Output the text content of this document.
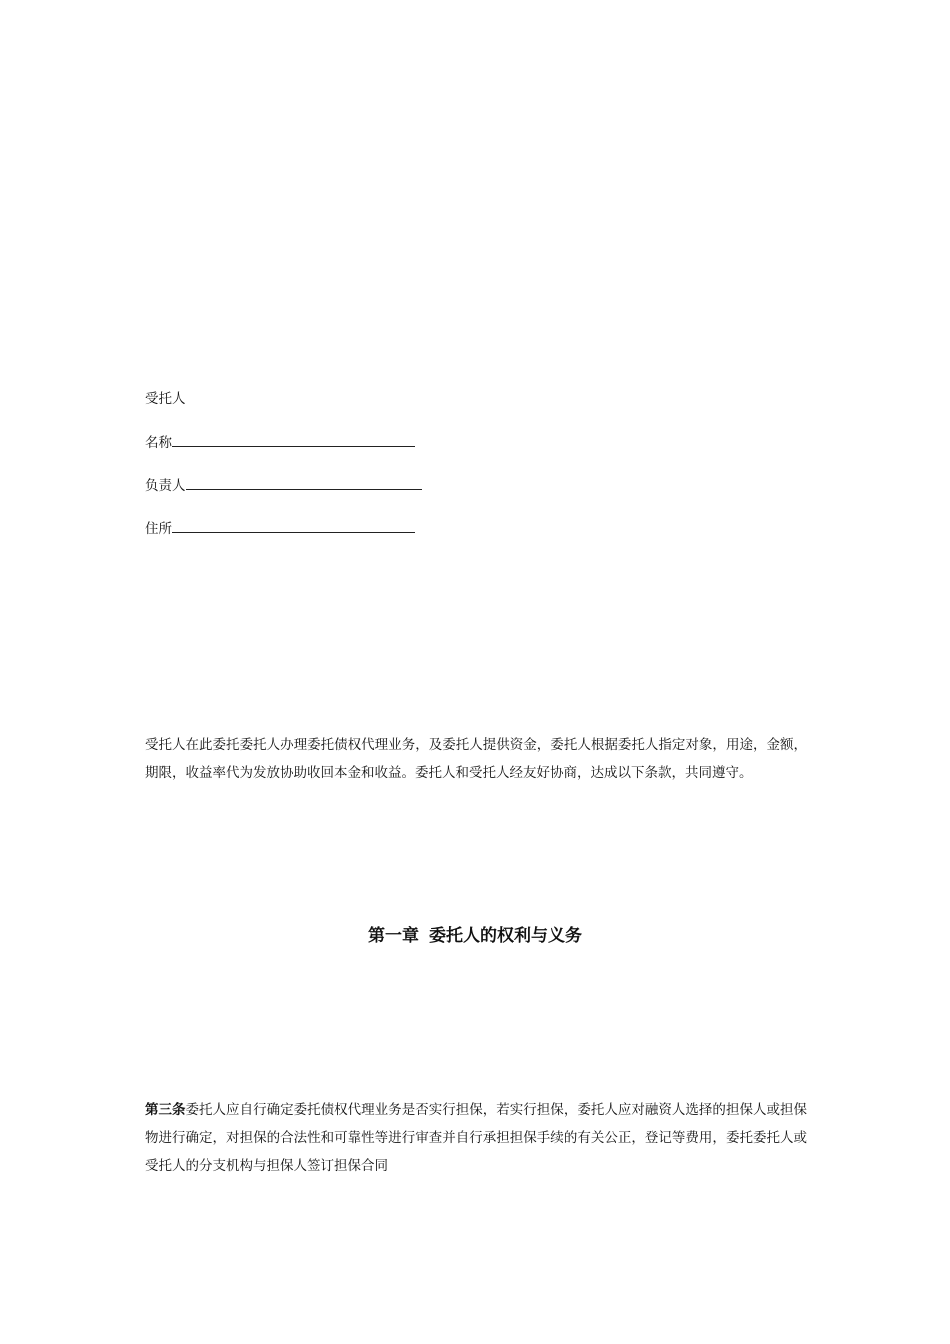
受托人
名称
负责人
住所
受托人在此委托委托人办理委托债权代理业务，及委托人提供资金，委托人根据委托人指定对象，用途，金额，期限，收益率代为发放协助收回本金和收益。委托人和受托人经友好协商，达成以下条款，共同遵守。
第一章 委托人的权利与义务
第三条委托人应自行确定委托债权代理业务是否实行担保，若实行担保，委托人应对融资人选择的担保人或担保物进行确定，对担保的合法性和可靠性等进行审查并自行承担担保手续的有关公正，登记等费用，委托委托人或受托人的分支机构与担保人签订担保合同
